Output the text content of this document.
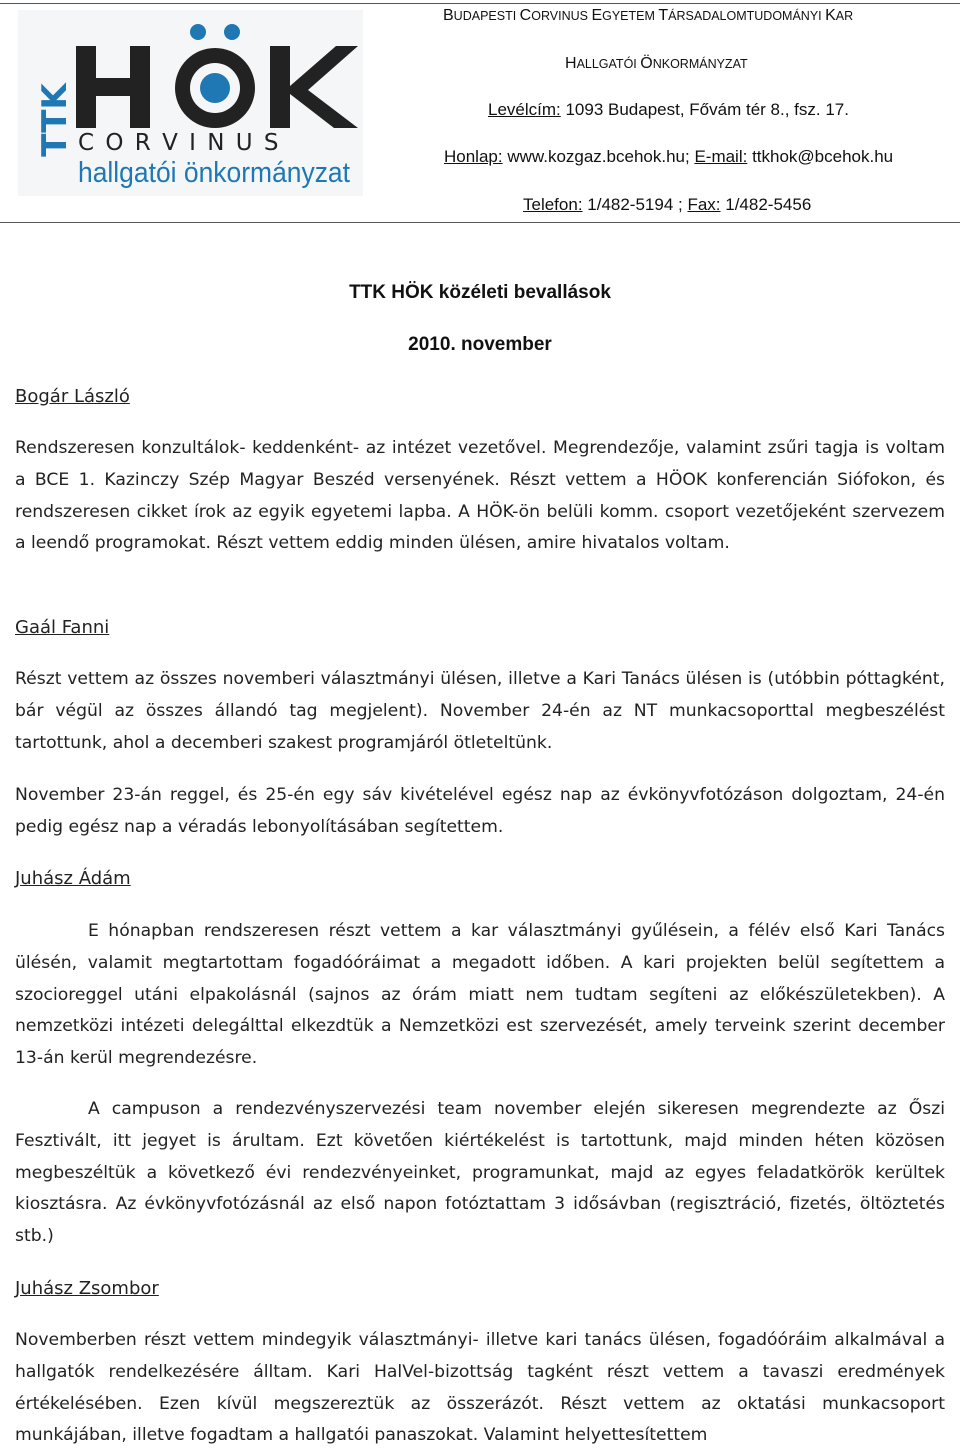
TTK C O R V I N U S
hallgatói önkormányzat
BUDAPESTI CORVINUS EGYETEM TÁRSADALOMTUDOMÁNYI KAR
HALLGATÓI ÖNKORMÁNYZAT
Levélcím: 1093 Budapest, Fővám tér 8., fsz. 17.
Honlap: www.kozgaz.bcehok.hu; E-mail: ttkhok@bcehok.hu
Telefon: 1/482-5194 ; Fax: 1/482-5456
TTK HÖK közéleti bevallások
2010. november
Bogár László
Rendszeresen konzultálok- keddenként- az intézet vezetővel. Megrendezője, valamint zsűri tagja is voltam a BCE 1. Kazinczy Szép Magyar Beszéd versenyének. Részt vettem a HÖOK konferencián Siófokon, és rendszeresen cikket írok az egyik egyetemi lapba. A HÖK-ön belüli komm. csoport vezetőjeként szervezem a leendő programokat. Részt vettem eddig minden ülésen, amire hivatalos voltam.
Gaál Fanni
Részt vettem az összes novemberi választmányi ülésen, illetve a Kari Tanács ülésen is (utóbbin póttagként, bár végül az összes állandó tag megjelent). November 24-én az NT munkacsoporttal megbeszélést tartottunk, ahol a decemberi szakest programjáról ötleteltünk.
November 23-án reggel, és 25-én egy sáv kivételével egész nap az évkönyvfotózáson dolgoztam, 24-én pedig egész nap a véradás lebonyolításában segítettem.
Juhász Ádám
E hónapban rendszeresen részt vettem a kar választmányi gyűlésein, a félév első Kari Tanács ülésén, valamit megtartottam fogadóóráimat a megadott időben. A kari projekten belül segítettem a szocioreggel utáni elpakolásnál (sajnos az órám miatt nem tudtam segíteni az előkészületekben). A nemzetközi intézeti delegálttal elkezdtük a Nemzetközi est szervezését, amely terveink szerint december 13-án kerül megrendezésre.
A campuson a rendezvényszervezési team november elején sikeresen megrendezte az Őszi Fesztivált, itt jegyet is árultam. Ezt követően kiértékelést is tartottunk, majd minden héten közösen megbeszéltük a következő évi rendezvényeinket, programunkat, majd az egyes feladatkörök kerültek kiosztásra. Az évkönyvfotózásnál az első napon fotóztattam 3 idősávban (regisztráció, fizetés, öltöztetés stb.)
Juhász Zsombor
Novemberben részt vettem mindegyik választmányi- illetve kari tanács ülésen, fogadóóráim alkalmával a hallgatók rendelkezésére álltam. Kari HalVel-bizottság tagként részt vettem a tavaszi eredmények értékelésében. Ezen kívül megszereztük az összerázót. Részt vettem az oktatási munkacsoport munkájában, illetve fogadtam a hallgatói panaszokat. Valamint helyettesítettem
